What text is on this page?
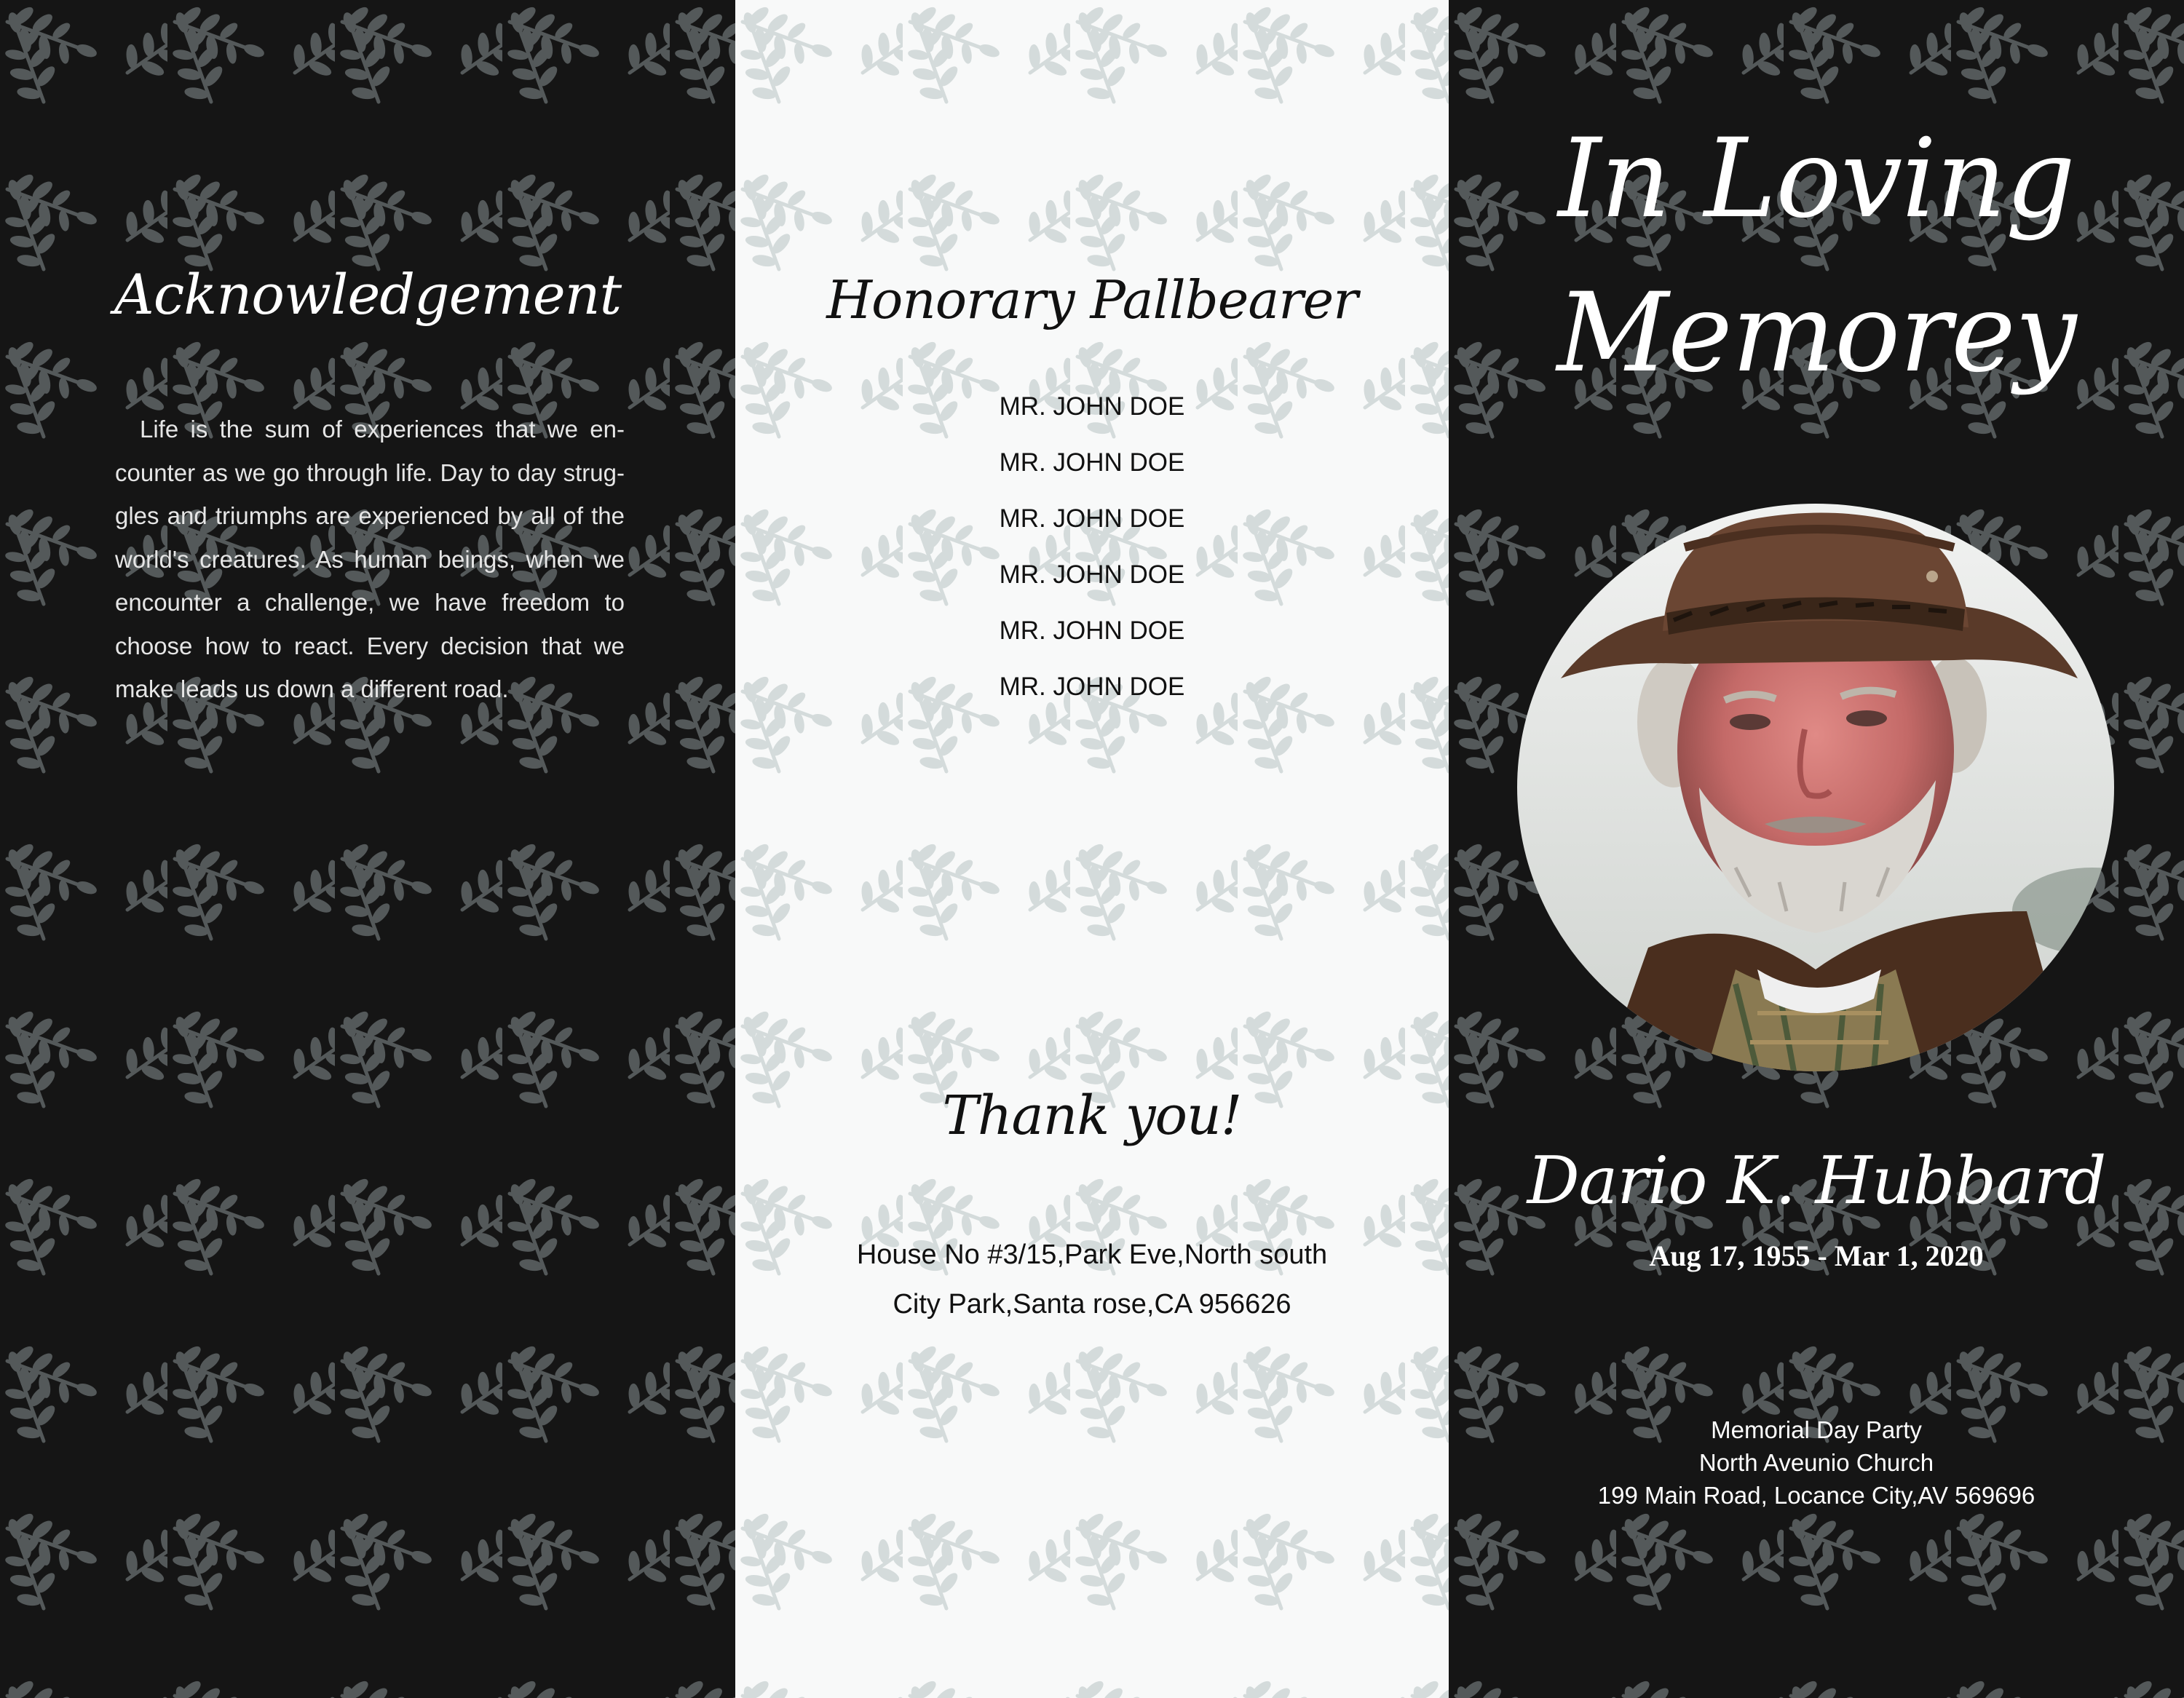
Acknowledgement

Life is the sum of experiences that we en-counter as we go through life. Day to day strug-gles and triumphs are experienced by all of the world's creatures. As human beings, when we encounter a challenge, we have freedom to choose how to react. Every decision that we make leads us down a different road.

Honorary Pallbearer
MR. JOHN DOE
MR. JOHN DOE
MR. JOHN DOE
MR. JOHN DOE
MR. JOHN DOE
MR. JOHN DOE
Thank you!

House No #3/15,Park Eve,North south
City Park,Santa rose,CA 956626

In Loving
Memorey
Dario K. Hubbard

Aug 17, 1955 - Mar 1, 2020

Memorial Day Party
North Aveunio Church
199 Main Road, Locance City,AV 569696
